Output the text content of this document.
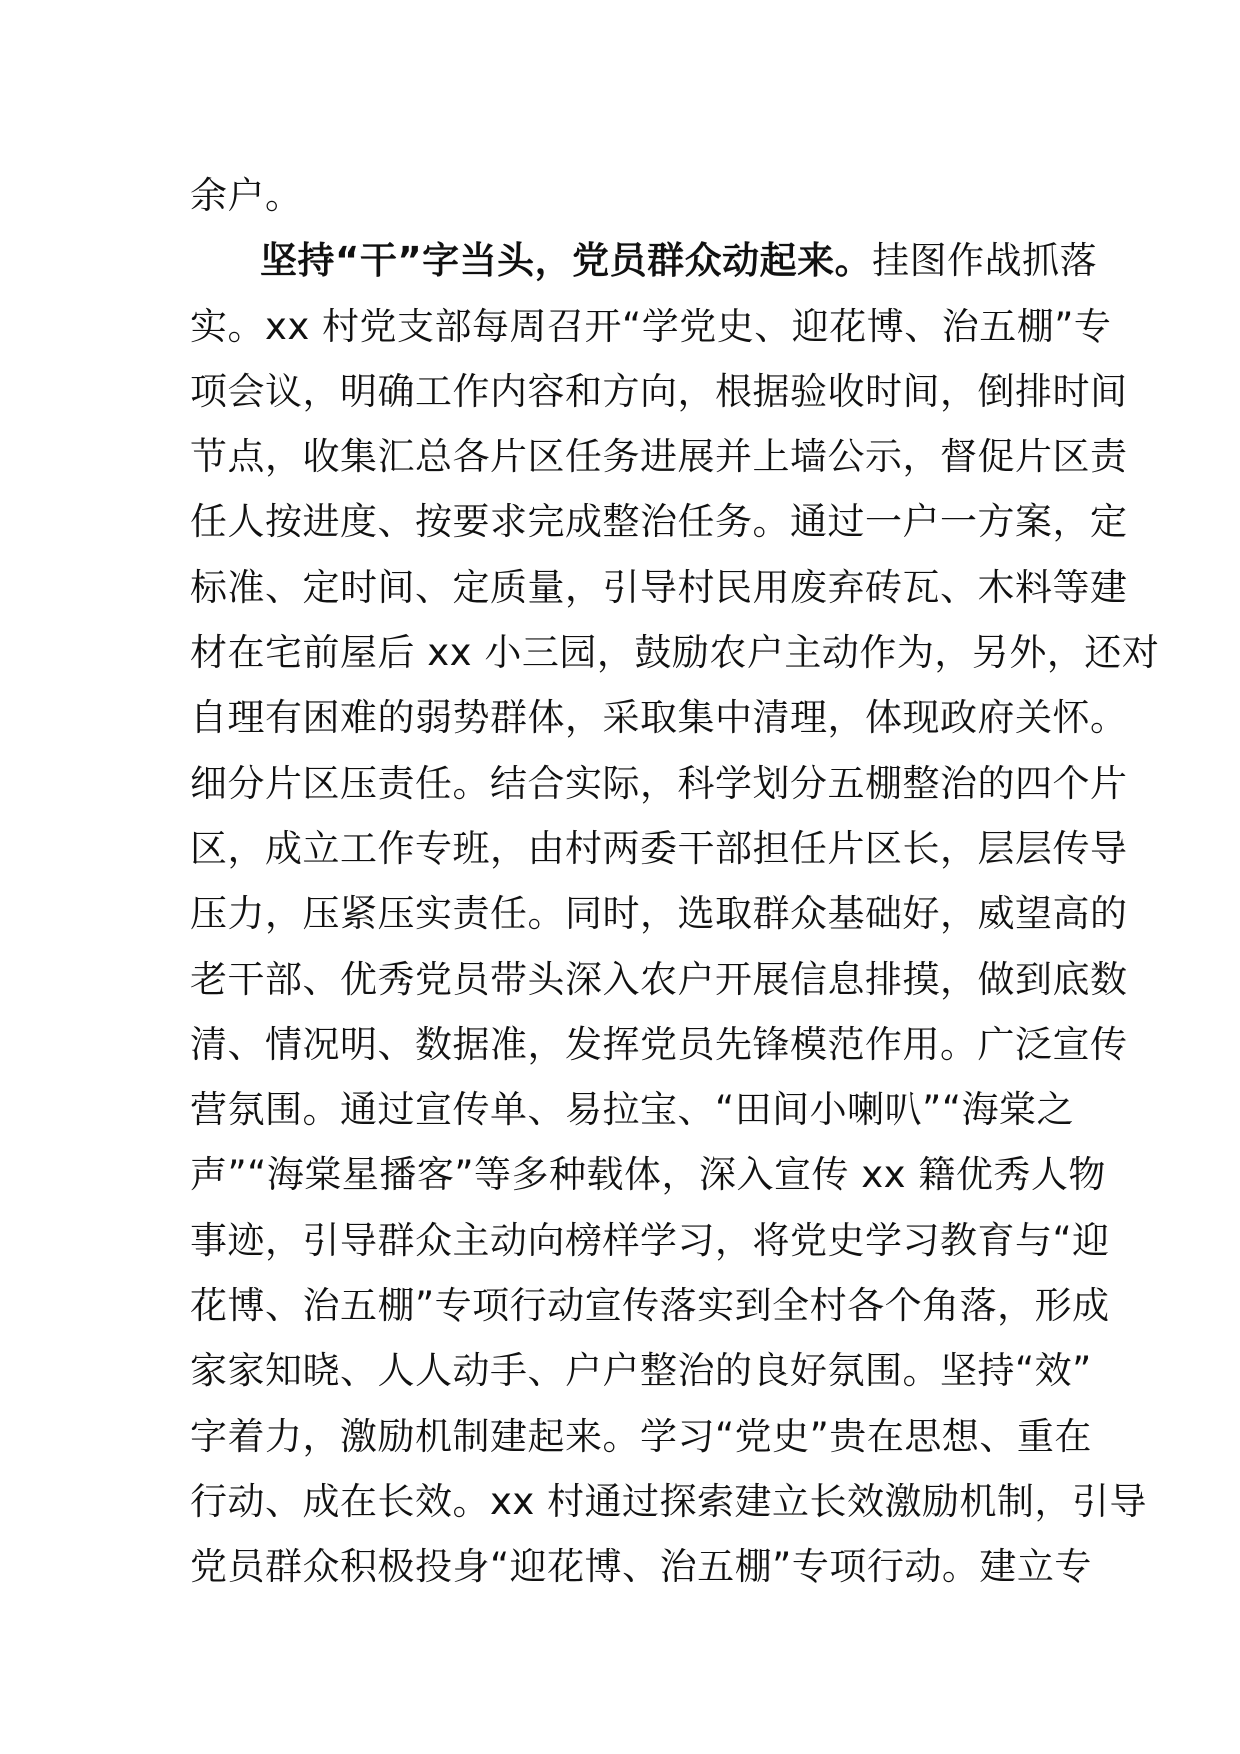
余户。
坚持“干”字当头，党员群众动起来。挂图作战抓落
实。xx 村党支部每周召开“学党史、迎花博、治五棚”专
项会议，明确工作内容和方向，根据验收时间，倒排时间
节点，收集汇总各片区任务进展并上墙公示，督促片区责
任人按进度、按要求完成整治任务。通过一户一方案，定
标准、定时间、定质量，引导村民用废弃砖瓦、木料等建
材在宅前屋后 xx 小三园，鼓励农户主动作为，另外，还对
自理有困难的弱势群体，采取集中清理，体现政府关怀。
细分片区压责任。结合实际，科学划分五棚整治的四个片
区，成立工作专班，由村两委干部担任片区长，层层传导
压力，压紧压实责任。同时，选取群众基础好，威望高的
老干部、优秀党员带头深入农户开展信息排摸，做到底数
清、情况明、数据准，发挥党员先锋模范作用。广泛宣传
营氛围。通过宣传单、易拉宝、“田间小喇叭”“海棠之
声”“海棠星播客”等多种载体，深入宣传 xx 籍优秀人物
事迹，引导群众主动向榜样学习，将党史学习教育与“迎
花博、治五棚”专项行动宣传落实到全村各个角落，形成
家家知晓、人人动手、户户整治的良好氛围。坚持“效”
字着力，激励机制建起来。学习“党史”贵在思想、重在
行动、成在长效。xx 村通过探索建立长效激励机制，引导
党员群众积极投身“迎花博、治五棚”专项行动。建立专
